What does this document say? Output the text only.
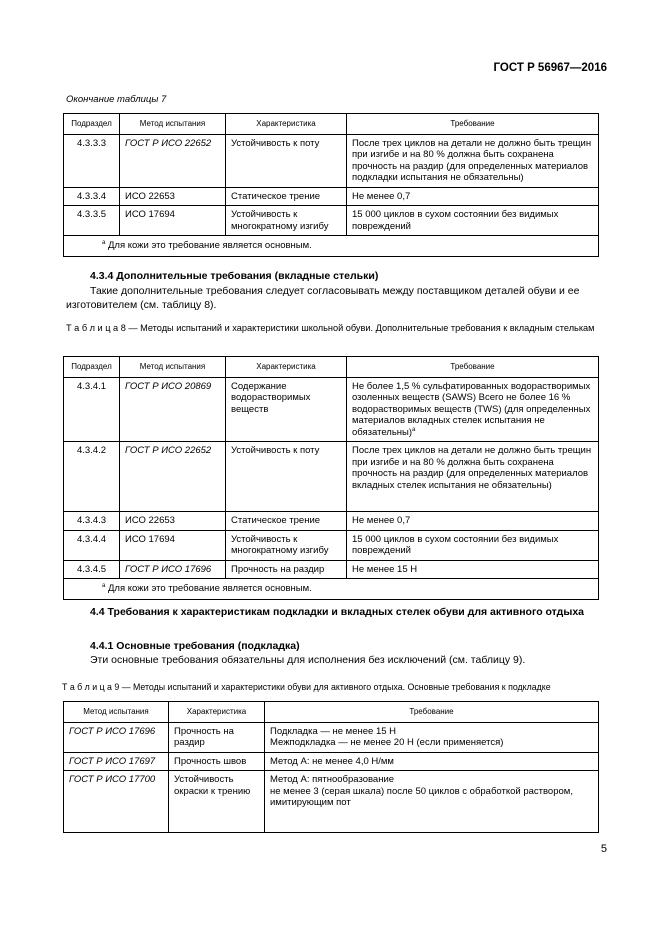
ГОСТ Р 56967—2016
Окончание таблицы 7
Подраздел	Метод испытания	Характеристика	Требование
4.3.3.3	ГОСТ Р ИСО 22652	Устойчивость к поту	После трех циклов на детали не должно быть трещин при изгибе и на 80 % должна быть сохранена прочность на раздир (для определенных материалов подкладки испытания не обязательны)
4.3.3.4	ИСО 22653	Статическое трение	Не менее 0,7
4.3.3.5	ИСО 17694	Устойчивость к многократному изгибу	15 000 циклов в сухом состоянии без видимых повреждений
$^а$ Для кожи это требование является основным.			
4.3.4 Дополнительные требования (вкладные стельки)
Такие дополнительные требования следует согласовывать между поставщиком деталей обуви и ее изготовителем (см. таблицу 8).
Т а б л и ц а 8 — Методы испытаний и характеристики школьной обуви. Дополнительные требования к вкладным стелькам
Подраздел	Метод испытания	Характеристика	Требование
4.3.4.1	ГОСТ Р ИСО 20869	Содержание водорастворимых веществ	Не более 1,5 % сульфатированных водорастворимых озоленных веществ (SAWS) Всего не более 16 % водорастворимых веществ (TWS) (для определенных материалов вкладных стелек испытания не обязательны)$^а$
4.3.4.2	ГОСТ Р ИСО 22652	Устойчивость к поту	После трех циклов на детали не должно быть трещин при изгибе и на 80 % должна быть сохранена прочность на раздир (для определенных материалов вкладных стелек испытания не обязательны)
4.3.4.3	ИСО 22653	Статическое трение	Не менее 0,7
4.3.4.4	ИСО 17694	Устойчивость к многократному изгибу	15 000 циклов в сухом состоянии без видимых повреждений
4.3.4.5	ГОСТ Р ИСО 17696	Прочность на раздир	Не менее 15 Н
$^а$ Для кожи это требование является основным.			
4.4 Требования к характеристикам подкладки и вкладных стелек обуви для активного отдыха
4.4.1 Основные требования (подкладка)
Эти основные требования обязательны для исполнения без исключений (см. таблицу 9).
Т а б л и ц а 9 — Методы испытаний и характеристики обуви для активного отдыха. Основные требования к подкладке
Метод испытания	Характеристика	Требование
ГОСТ Р ИСО 17696	Прочность на раздир	Подкладка — не менее 15 Н
Межподкладка — не менее 20 Н (если применяется)

ГОСТ Р ИСО 17697	Прочность швов	Метод А: не менее 4,0 Н/мм

ГОСТ Р ИСО 17700	Устойчивость окраски к трению	Метод А: пятнообразование
не менее 3 (серая шкала) после 50 циклов с обработкой раствором, имитирующим пот
5
